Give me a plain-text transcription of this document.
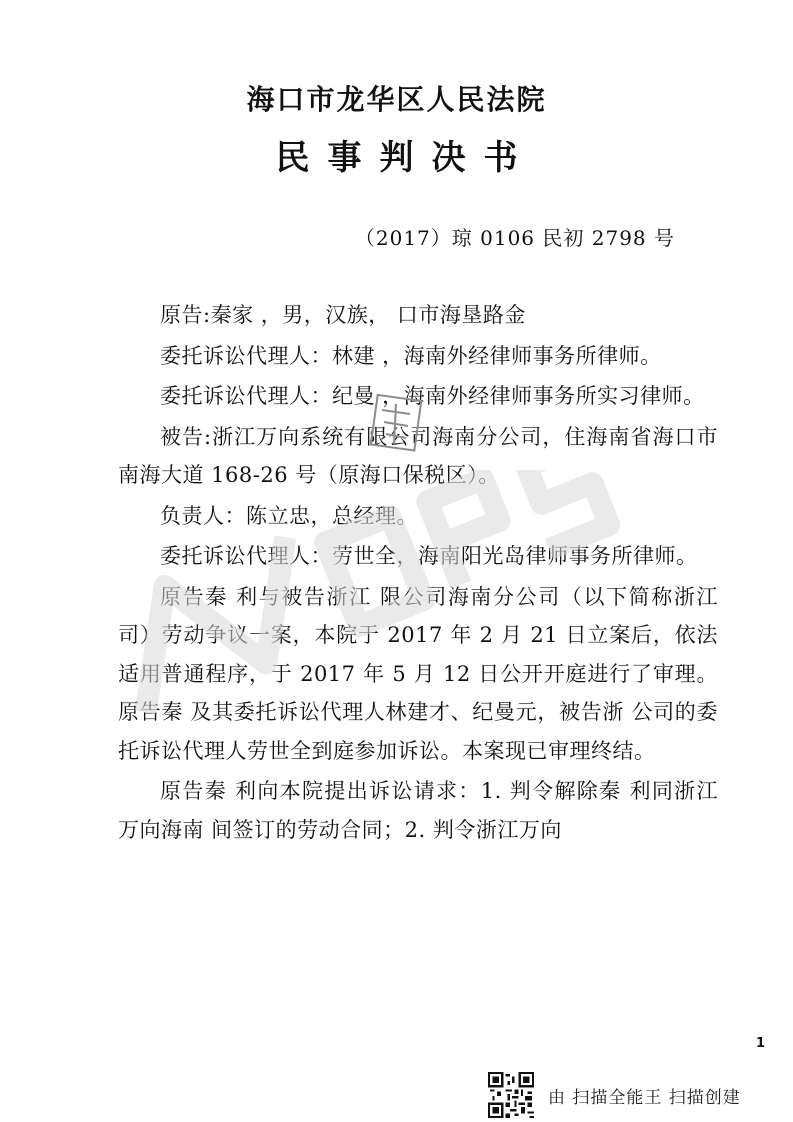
海口市龙华区人民法院
民事判决书
（2017）琼 0106 民初 2798 号

原告:秦家 ，男，汉族， 口市海垦路金

委托诉讼代理人：林建 ，海南外经律师事务所律师。

委托诉讼代理人：纪曼 ，海南外经律师事务所实习律师。

被告:浙江万向系统有限公司海南分公司，住海南省海口市南海大道 168-26 号（原海口保税区）。

负责人：陈立忠，总经理。

委托诉讼代理人：劳世全，海南阳光岛律师事务所律师。

原告秦 利与被告浙江 限公司海南分公司（以下简称浙江 司）劳动争议一案，本院于 2017 年 2 月 21 日立案后，依法适用普通程序，于 2017 年 5 月 12 日公开开庭进行了审理。原告秦 及其委托诉讼代理人林建才、纪曼元，被告浙 公司的委托诉讼代理人劳世全到庭参加诉讼。本案现已审理终结。

原告秦 利向本院提出诉讼请求：1. 判令解除秦 利同浙江万向海南 间签订的劳动合同；2. 判令浙江万向

1
由 扫描全能王 扫描创建
